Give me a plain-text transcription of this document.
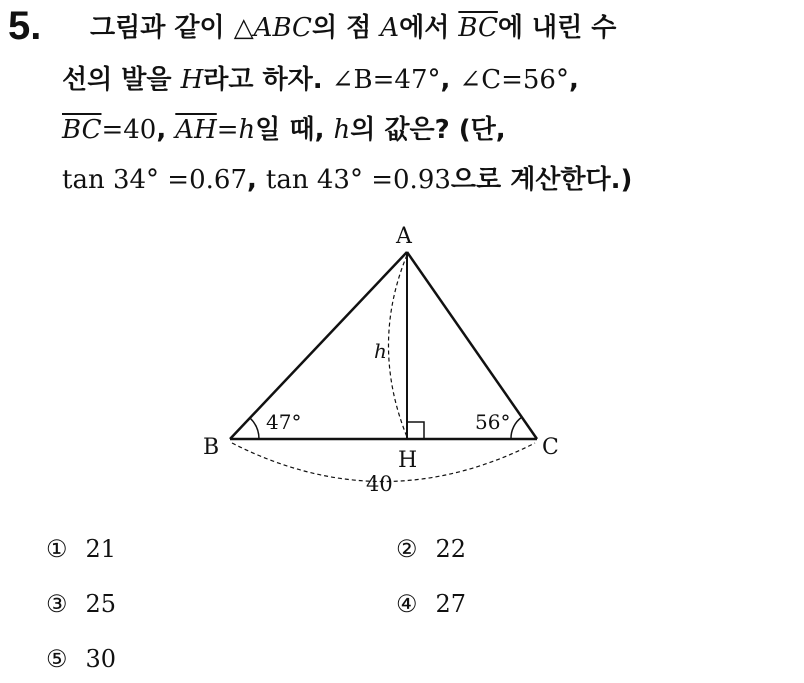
5. 그림과 같이 △ABC의 점 A에서 $\overline{BC}$에 내린 수
선의 발을 H라고 하자. ∠B=47°, ∠C=56°,
$\overline{BC}=40$, $\overline{AH}=h$일 때, h의 값은? (단,
tan 34° =0.67, tan 43° =0.93으로 계산한다.)
A
B	C
H
h
47°	56°
40
① 21	② 22
③ 25	④ 27
⑤ 30
